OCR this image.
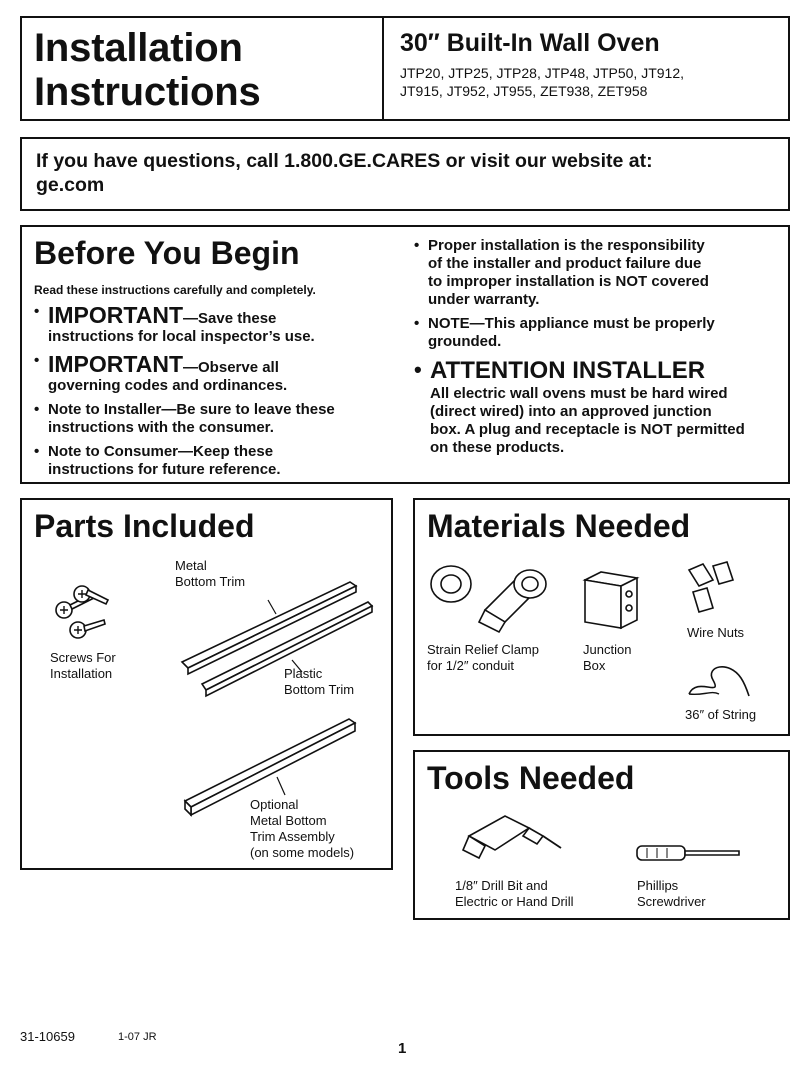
Installation
Instructions
30″ Built-In Wall Oven
JTP20, JTP25, JTP28, JTP48, JTP50, JT912,
JT915, JT952, JT955, ZET938, ZET958
If you have questions, call 1.800.GE.CARES or visit our website at:
ge.com
Before You Begin
Read these instructions carefully and completely.
• IMPORTANT—Save these
instructions for local inspector’s use.
• IMPORTANT—Observe all
governing codes and ordinances.
• Note to Installer—Be sure to leave these
instructions with the consumer.
• Note to Consumer—Keep these
instructions for future reference.
• Proper installation is the responsibility
of the installer and product failure due
to improper installation is NOT covered
under warranty.
• NOTE—This appliance must be properly
grounded.
• ATTENTION INSTALLER
All electric wall ovens must be hard wired
(direct wired) into an approved junction
box. A plug and receptacle is NOT permitted
on these products.
Parts Included
Screws For
Installation
Metal
Bottom Trim
Plastic
Bottom Trim
Optional
Metal Bottom
Trim Assembly
(on some models)
Materials Needed
Strain Relief Clamp
for 1/2″ conduit
Junction
Box
Wire Nuts
36″ of String
Tools Needed
1/8″ Drill Bit and
Electric or Hand Drill
Phillips
Screwdriver
31-10659	1-07 JR
1
